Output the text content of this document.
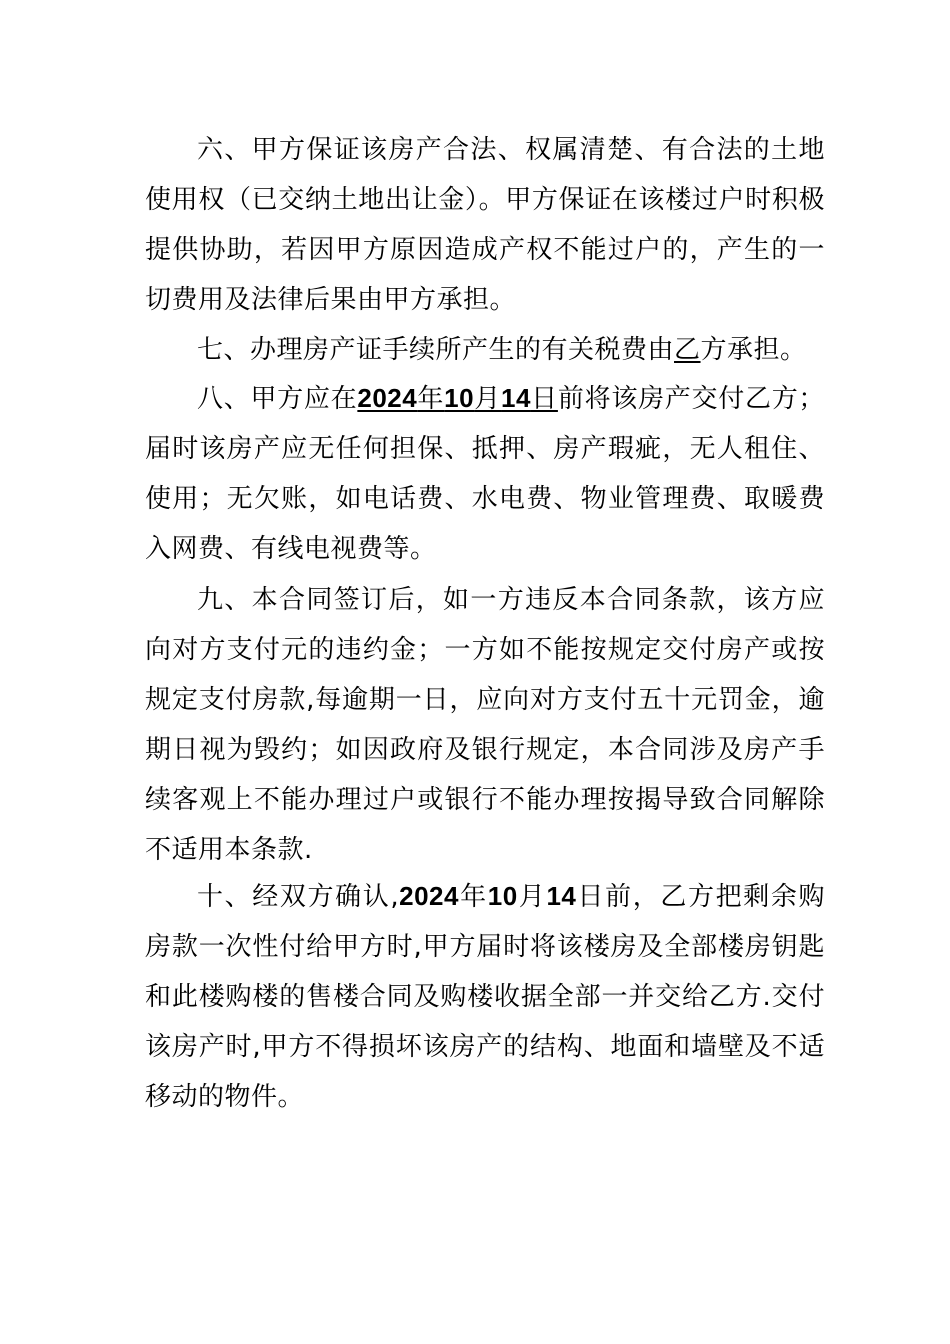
六、甲方保证该房产合法、权属清楚、有合法的土地使用权（已交纳土地出让金）。甲方保证在该楼过户时积极提供协助，若因甲方原因造成产权不能过户的，产生的一切费用及法律后果由甲方承担。

七、办理房产证手续所产生的有关税费由乙方承担。

八、甲方应在2024年10月14日前将该房产交付乙方；届时该房产应无任何担保、抵押、房产瑕疵，无人租住、使用；无欠账，如电话费、水电费、物业管理费、取暖费入网费、有线电视费等。

九、本合同签订后，如一方违反本合同条款，该方应向对方支付元的违约金；一方如不能按规定交付房产或按规定支付房款,每逾期一日，应向对方支付五十元罚金，逾期日视为毁约；如因政府及银行规定，本合同涉及房产手续客观上不能办理过户或银行不能办理按揭导致合同解除不适用本条款.

十、经双方确认,2024年10月14日前，乙方把剩余购房款一次性付给甲方时,甲方届时将该楼房及全部楼房钥匙和此楼购楼的售楼合同及购楼收据全部一并交给乙方.交付该房产时,甲方不得损坏该房产的结构、地面和墙壁及不适移动的物件。
